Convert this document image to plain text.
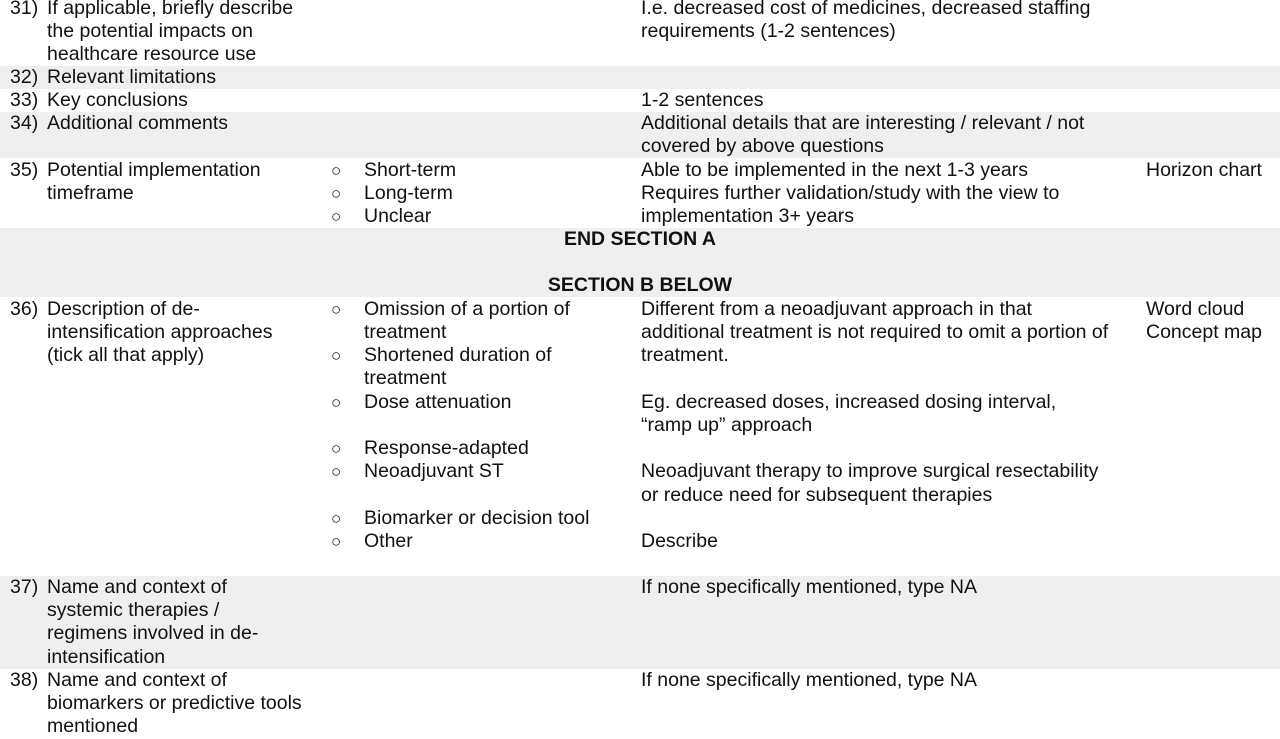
31) If applicable, briefly describe
the potential impacts on
healthcare resource use
I.e. decreased cost of medicines, decreased staffing
requirements (1-2 sentences)
32) Relevant limitations
33) Key conclusions	1-2 sentences
34) Additional comments	Additional details that are interesting / relevant / not
covered by above questions
35) Potential implementation
timeframe
○ Short-term
○ Long-term
○ Unclear
Able to be implemented in the next 1-3 years
Requires further validation/study with the view to
implementation 3+ years
Horizon chart
END SECTION A
SECTION B BELOW
36) Description of de-
intensification approaches
(tick all that apply)
○ Omission of a portion of
treatment
○ Shortened duration of
treatment
○ Dose attenuation
○ Response-adapted
○ Neoadjuvant ST
○ Biomarker or decision tool
○ Other
Different from a neoadjuvant approach in that
additional treatment is not required to omit a portion of
treatment.
Eg. decreased doses, increased dosing interval,
“ramp up” approach
Neoadjuvant therapy to improve surgical resectability
or reduce need for subsequent therapies
Describe
Word cloud
Concept map
37) Name and context of
systemic therapies /
regimens involved in de-
intensification
If none specifically mentioned, type NA
38) Name and context of
biomarkers or predictive tools
mentioned
If none specifically mentioned, type NA
